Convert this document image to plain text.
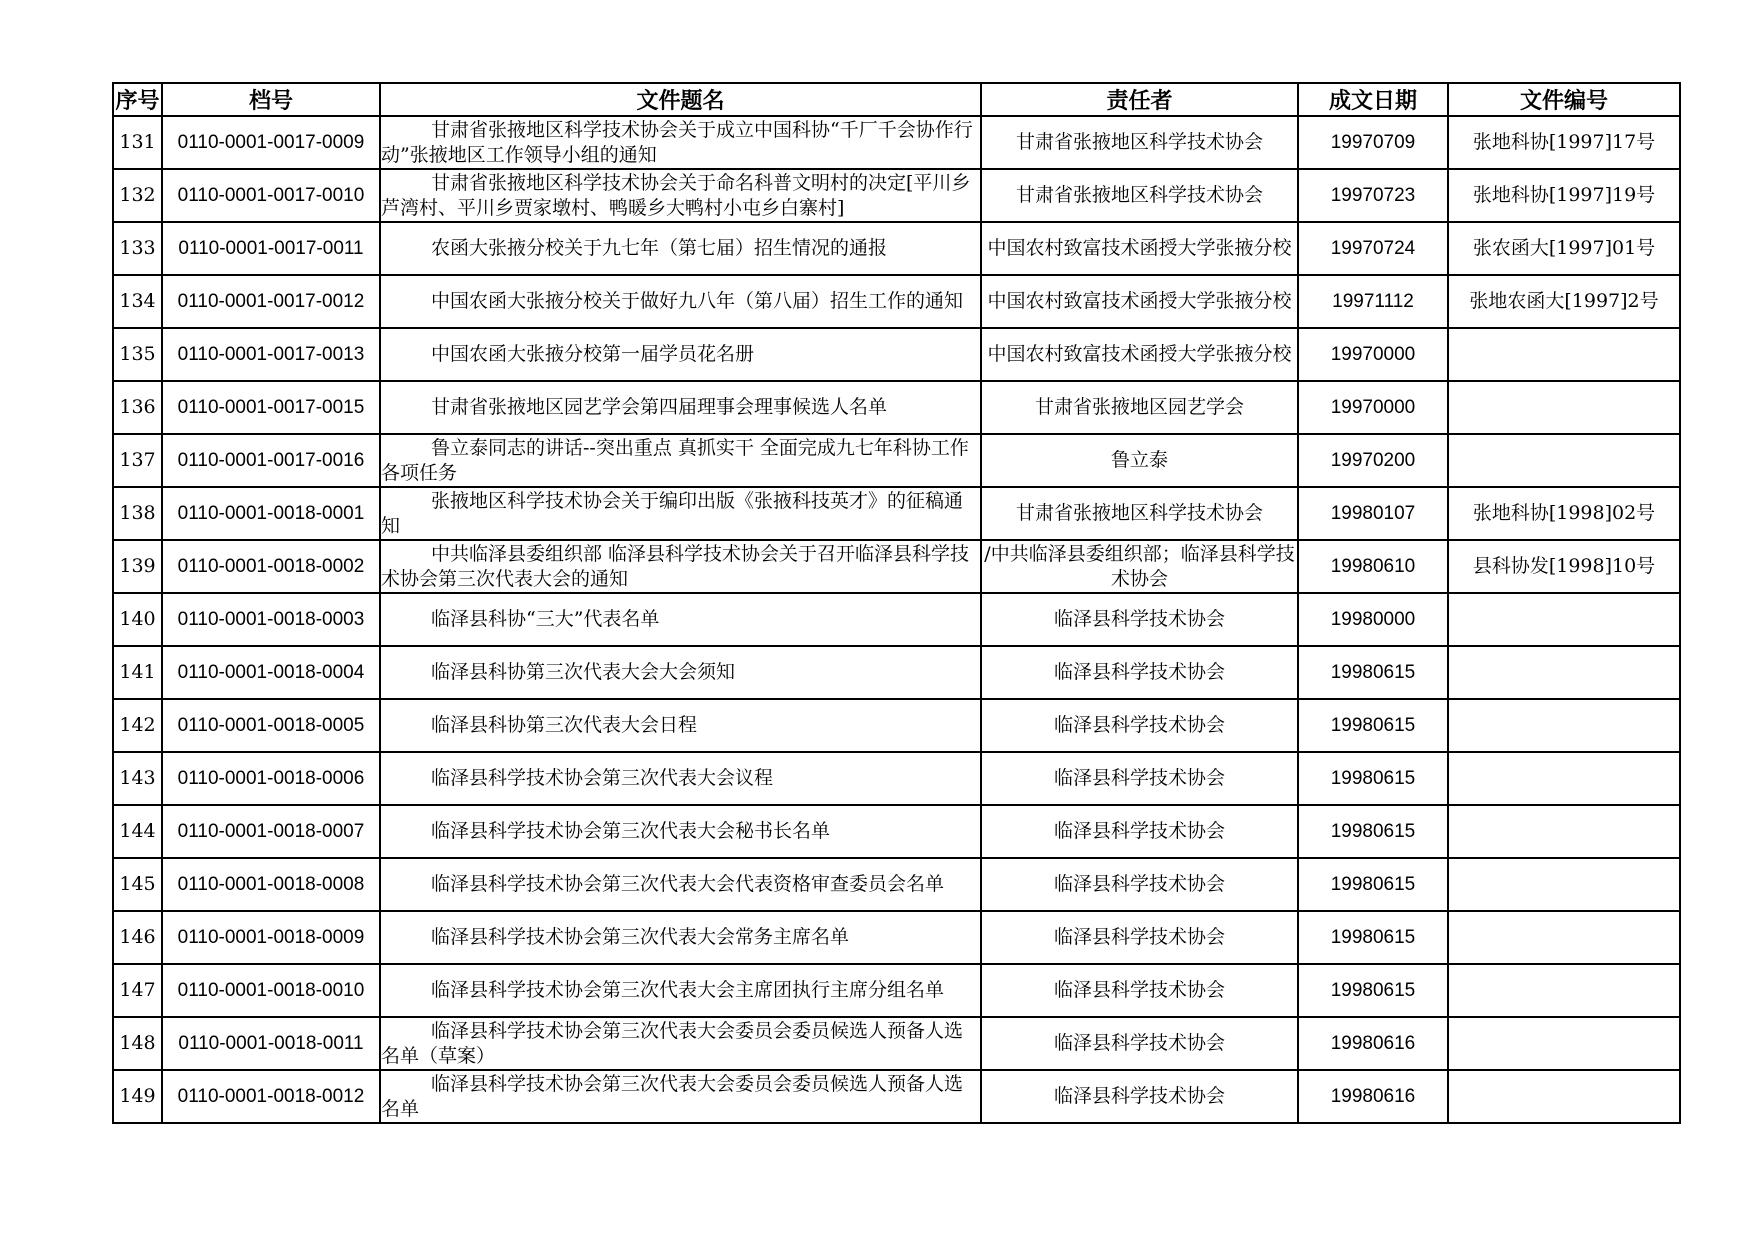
序号	档号	文件题名	责任者	成文日期	文件编号
131	0110-0001-0017-0009	甘肃省张掖地区科学技术协会关于成立中国科协“千厂千会协作行动”张掖地区工作领导小组的通知	甘肃省张掖地区科学技术协会	19970709	张地科协[1997]17号
132	0110-0001-0017-0010	甘肃省张掖地区科学技术协会关于命名科普文明村的决定[平川乡芦湾村、平川乡贾家墩村、鸭暖乡大鸭村小屯乡白寨村]	甘肃省张掖地区科学技术协会	19970723	张地科协[1997]19号
133	0110-0001-0017-0011	农函大张掖分校关于九七年（第七届）招生情况的通报	中国农村致富技术函授大学张掖分校	19970724	张农函大[1997]01号
134	0110-0001-0017-0012	中国农函大张掖分校关于做好九八年（第八届）招生工作的通知	中国农村致富技术函授大学张掖分校	19971112	张地农函大[1997]2号
135	0110-0001-0017-0013	中国农函大张掖分校第一届学员花名册	中国农村致富技术函授大学张掖分校	19970000	
136	0110-0001-0017-0015	甘肃省张掖地区园艺学会第四届理事会理事候选人名单	甘肃省张掖地区园艺学会	19970000	
137	0110-0001-0017-0016	鲁立泰同志的讲话--突出重点 真抓实干 全面完成九七年科协工作各项任务	鲁立泰	19970200	
138	0110-0001-0018-0001	张掖地区科学技术协会关于编印出版《张掖科技英才》的征稿通知	甘肃省张掖地区科学技术协会	19980107	张地科协[1998]02号
139	0110-0001-0018-0002	中共临泽县委组织部 临泽县科学技术协会关于召开临泽县科学技术协会第三次代表大会的通知	/中共临泽县委组织部；临泽县科学技术协会	19980610	县科协发[1998]10号
140	0110-0001-0018-0003	临泽县科协“三大”代表名单	临泽县科学技术协会	19980000	
141	0110-0001-0018-0004	临泽县科协第三次代表大会大会须知	临泽县科学技术协会	19980615	
142	0110-0001-0018-0005	临泽县科协第三次代表大会日程	临泽县科学技术协会	19980615	
143	0110-0001-0018-0006	临泽县科学技术协会第三次代表大会议程	临泽县科学技术协会	19980615	
144	0110-0001-0018-0007	临泽县科学技术协会第三次代表大会秘书长名单	临泽县科学技术协会	19980615	
145	0110-0001-0018-0008	临泽县科学技术协会第三次代表大会代表资格审查委员会名单	临泽县科学技术协会	19980615	
146	0110-0001-0018-0009	临泽县科学技术协会第三次代表大会常务主席名单	临泽县科学技术协会	19980615	
147	0110-0001-0018-0010	临泽县科学技术协会第三次代表大会主席团执行主席分组名单	临泽县科学技术协会	19980615	
148	0110-0001-0018-0011	临泽县科学技术协会第三次代表大会委员会委员候选人预备人选名单（草案）	临泽县科学技术协会	19980616	
149	0110-0001-0018-0012	临泽县科学技术协会第三次代表大会委员会委员候选人预备人选名单	临泽县科学技术协会	19980616	
